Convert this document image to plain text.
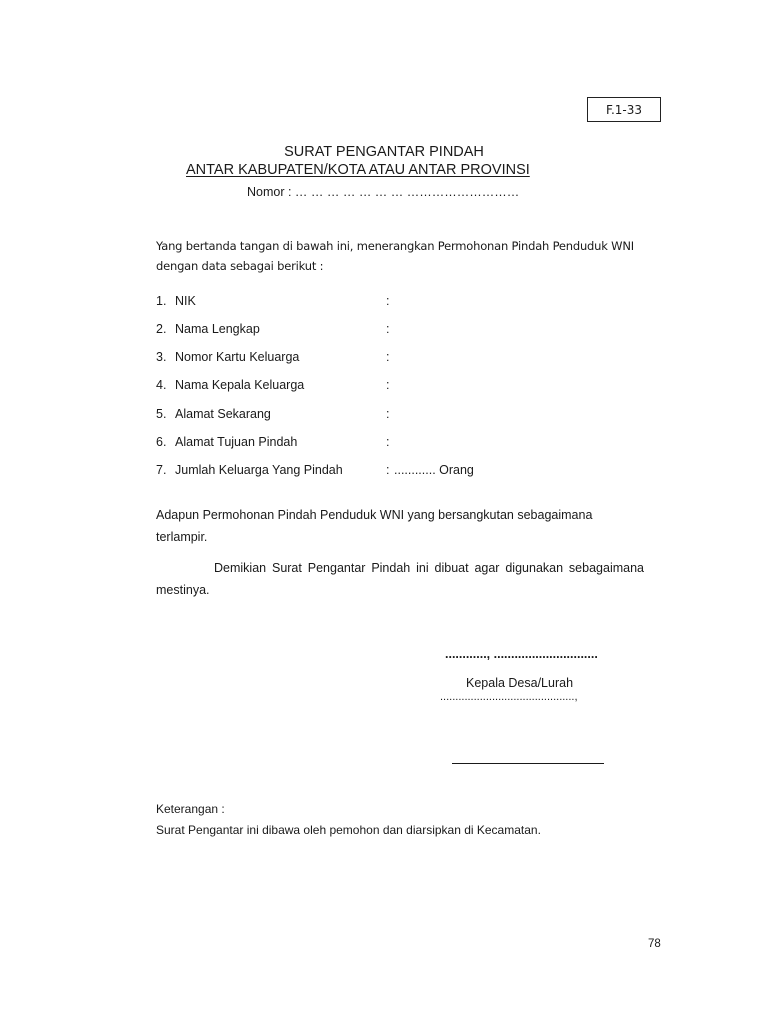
F.1-33
SURAT PENGANTAR PINDAH
ANTAR KABUPATEN/KOTA ATAU ANTAR PROVINSI
Nomor : … … … … … … … ………………………
Yang bertanda tangan di bawah ini, menerangkan Permohonan Pindah Penduduk WNI dengan data sebagai berikut :
1. NIK	:
2. Nama Lengkap	:
3. Nomor Kartu Keluarga	:
4. Nama Kepala Keluarga	:
5. Alamat Sekarang	:
6. Alamat Tujuan Pindah	:
7. Jumlah Keluarga Yang Pindah	: ............ Orang
Adapun Permohonan Pindah Penduduk WNI yang bersangkutan sebagaimana terlampir.
Demikian Surat Pengantar Pindah ini dibuat agar digunakan sebagaimana mestinya.
............, ..............................
Kepala Desa/Lurah
............................................,
Keterangan :
Surat Pengantar ini dibawa oleh pemohon dan diarsipkan di Kecamatan.
78
